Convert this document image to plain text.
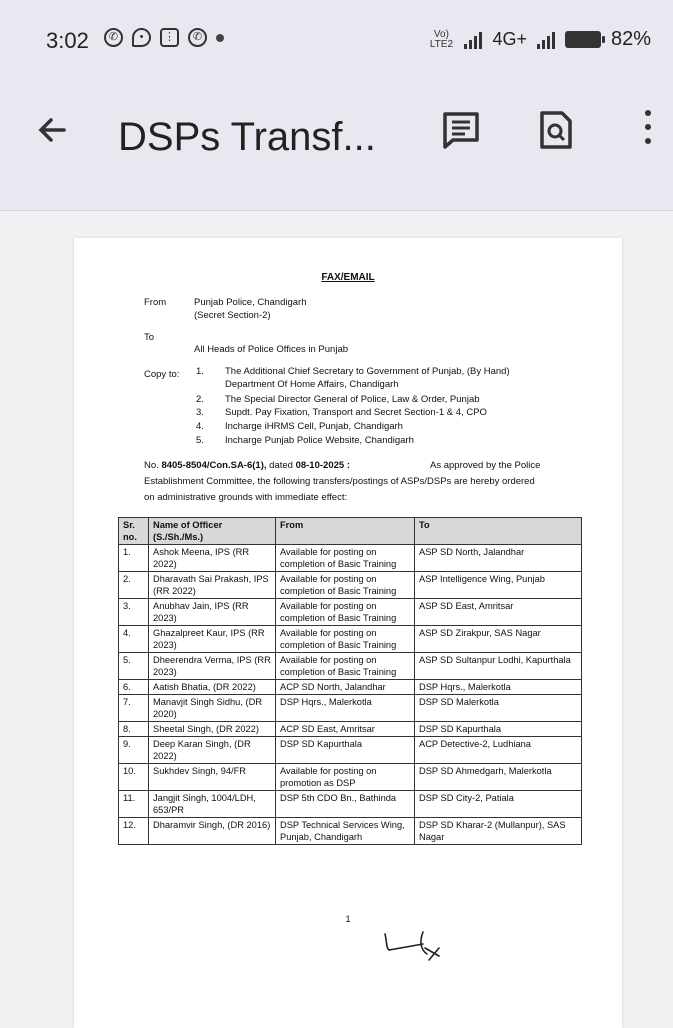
3:02	✆	•	⋮	✆	Vo) LTE2 4G+	82%
DSPs Transf...
FAX/EMAIL
From	Punjab Police, Chandigarh
(Secret Section-2)
To
All Heads of Police Offices in Punjab
Copy to: 1. The Additional Chief Secretary to Government of Punjab, (By Hand)
Department Of Home Affairs, Chandigarh
2. The Special Director General of Police, Law & Order, Punjab
3. Supdt. Pay Fixation, Transport and Secret Section-1 & 4, CPO
4. Incharge iHRMS Cell, Punjab, Chandigarh
5. Incharge Punjab Police Website, Chandigarh
No. 8405-8504/Con.SA-6(1), dated 08-10-2025 :	As approved by the Police
Establishment Committee, the following transfers/postings of ASPs/DSPs are hereby ordered
on administrative grounds with immediate effect:
Sr. no.	Name of Officer (S./Sh./Ms.)	From	To
1.	Ashok Meena, IPS (RR 2022)	Available for posting on completion of Basic Training	ASP SD North, Jalandhar
2.	Dharavath Sai Prakash, IPS (RR 2022)	Available for posting on completion of Basic Training	ASP Intelligence Wing, Punjab
3.	Anubhav Jain, IPS (RR 2023)	Available for posting on completion of Basic Training	ASP SD East, Amritsar
4.	Ghazalpreet Kaur, IPS (RR 2023)	Available for posting on completion of Basic Training	ASP SD Zirakpur, SAS Nagar
5.	Dheerendra Verma, IPS (RR 2023)	Available for posting on completion of Basic Training	ASP SD Sultanpur Lodhi, Kapurthala
6.	Aatish Bhatia, (DR 2022)	ACP SD North, Jalandhar	DSP Hqrs., Malerkotla
7.	Manavjit Singh Sidhu, (DR 2020)	DSP Hqrs., Malerkotla	DSP SD Malerkotla
8.	Sheetal Singh, (DR 2022)	ACP SD East, Amritsar	DSP SD Kapurthala
9.	Deep Karan Singh, (DR 2022)	DSP SD Kapurthala	ACP Detective-2, Ludhiana
10.	Sukhdev Singh, 94/FR	Available for posting on promotion as DSP	DSP SD Ahmedgarh, Malerkotla
11.	Jangjit Singh, 1004/LDH, 653/PR	DSP 5th CDO Bn., Bathinda	DSP SD City-2, Patiala
12.	Dharamvir Singh, (DR 2016)	DSP Technical Services Wing, Punjab, Chandigarh	DSP SD Kharar-2 (Mullanpur), SAS Nagar
1
